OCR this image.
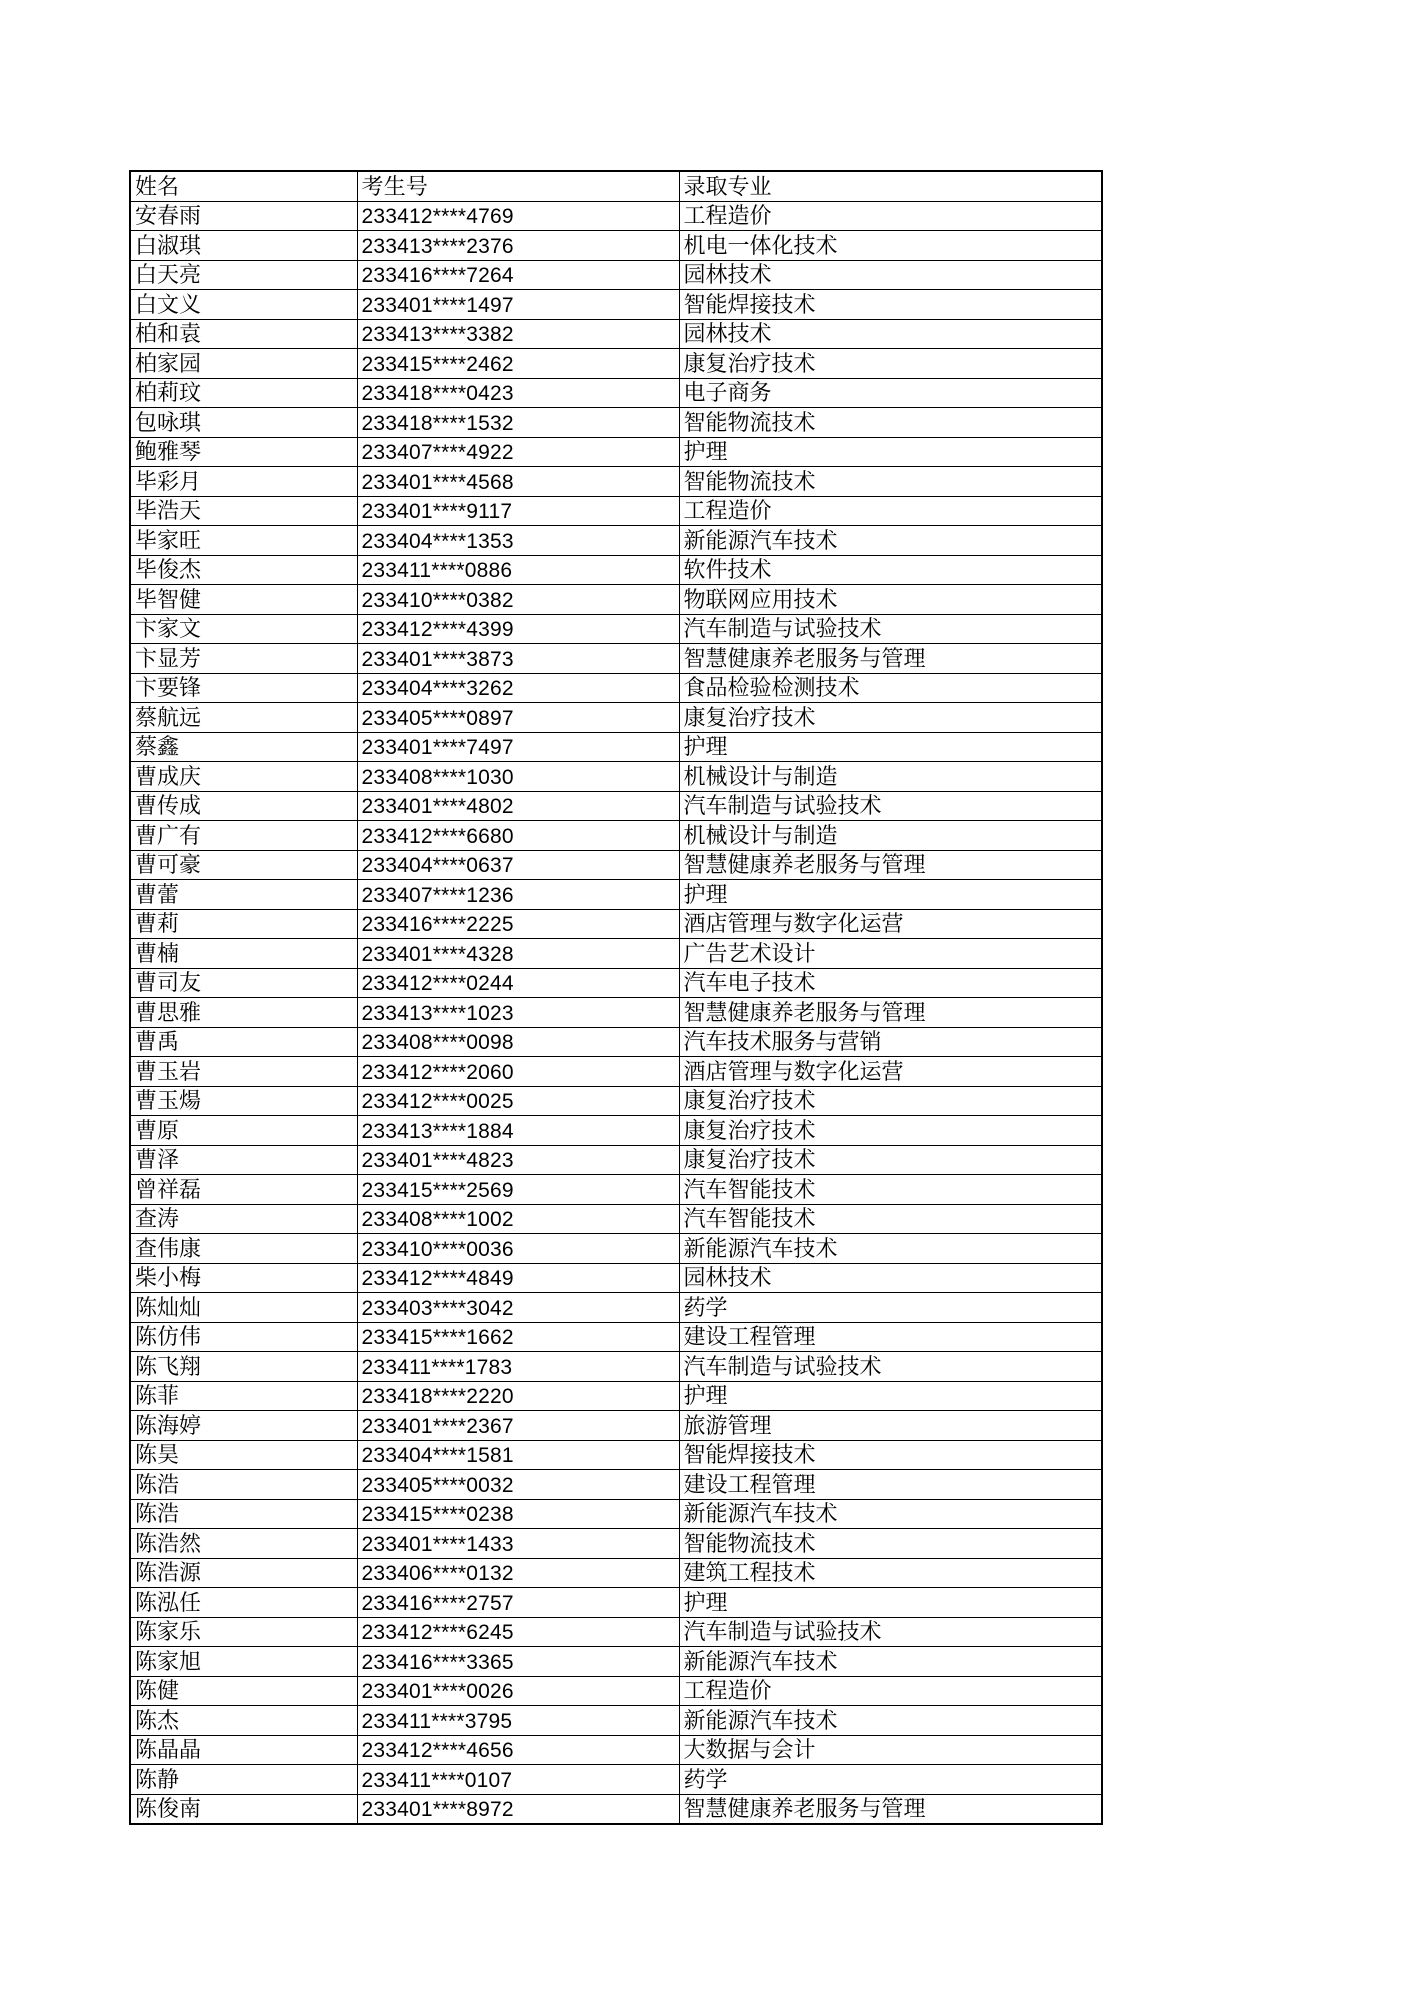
姓名	考生号	录取专业
安春雨	233412****4769	工程造价
白淑琪	233413****2376	机电一体化技术
白天亮	233416****7264	园林技术
白文义	233401****1497	智能焊接技术
柏和袁	233413****3382	园林技术
柏家园	233415****2462	康复治疗技术
柏莉玟	233418****0423	电子商务
包咏琪	233418****1532	智能物流技术
鲍雅琴	233407****4922	护理
毕彩月	233401****4568	智能物流技术
毕浩天	233401****9117	工程造价
毕家旺	233404****1353	新能源汽车技术
毕俊杰	233411****0886	软件技术
毕智健	233410****0382	物联网应用技术
卞家文	233412****4399	汽车制造与试验技术
卞显芳	233401****3873	智慧健康养老服务与管理
卞要锋	233404****3262	食品检验检测技术
蔡航远	233405****0897	康复治疗技术
蔡鑫	233401****7497	护理
曹成庆	233408****1030	机械设计与制造
曹传成	233401****4802	汽车制造与试验技术
曹广有	233412****6680	机械设计与制造
曹可豪	233404****0637	智慧健康养老服务与管理
曹蕾	233407****1236	护理
曹莉	233416****2225	酒店管理与数字化运营
曹楠	233401****4328	广告艺术设计
曹司友	233412****0244	汽车电子技术
曹思雅	233413****1023	智慧健康养老服务与管理
曹禹	233408****0098	汽车技术服务与营销
曹玉岩	233412****2060	酒店管理与数字化运营
曹玉煬	233412****0025	康复治疗技术
曹原	233413****1884	康复治疗技术
曹泽	233401****4823	康复治疗技术
曾祥磊	233415****2569	汽车智能技术
查涛	233408****1002	汽车智能技术
查伟康	233410****0036	新能源汽车技术
柴小梅	233412****4849	园林技术
陈灿灿	233403****3042	药学
陈仿伟	233415****1662	建设工程管理
陈飞翔	233411****1783	汽车制造与试验技术
陈菲	233418****2220	护理
陈海婷	233401****2367	旅游管理
陈昊	233404****1581	智能焊接技术
陈浩	233405****0032	建设工程管理
陈浩	233415****0238	新能源汽车技术
陈浩然	233401****1433	智能物流技术
陈浩源	233406****0132	建筑工程技术
陈泓任	233416****2757	护理
陈家乐	233412****6245	汽车制造与试验技术
陈家旭	233416****3365	新能源汽车技术
陈健	233401****0026	工程造价
陈杰	233411****3795	新能源汽车技术
陈晶晶	233412****4656	大数据与会计
陈静	233411****0107	药学
陈俊南	233401****8972	智慧健康养老服务与管理
